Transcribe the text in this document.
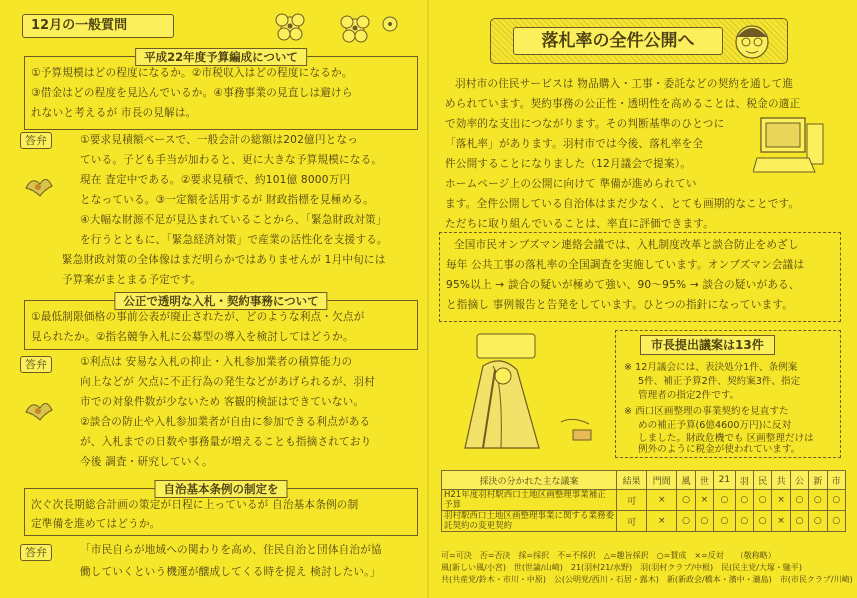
12月の一般質問
平成22年度予算編成について
①予算規模はどの程度になるか。②市税収入はどの程度になるか。
③借金はどの程度を見込んでいるか。④事務事業の見直しは避けら
れないと考えるが 市長の見解は。
答弁	①要求見積額ベースで、一般会計の総額は202億円となっ
ている。子ども手当が加わると、更に大きな予算規模になる。
現在 査定中である。②要求見積で、約101億 8000万円
となっている。③一定額を活用するが 財政指標を見極める。
④大幅な財源不足が見込まれていることから、「緊急財政対策」
を行うとともに、「緊急経済対策」で産業の活性化を支援する。
緊急財政対策の全体像はまだ明らかではありませんが 1月中旬には
予算案がまとまる予定です。
公正で透明な入札・契約事務について
①最低制限価格の事前公表が廃止されたが、どのような利点・欠点が
見られたか。②指名競争入札に公募型の導入を検討してはどうか。
答弁	①利点は 安易な入札の抑止・入札参加業者の積算能力の
向上などが 欠点に不正行為の発生などがあげられるが、羽村
市での対象件数が少ないため 客観的検証はできていない。
②談合の防止や入札参加業者が自由に参加できる利点がある
が、入札までの日数や事務量が増えることも指摘されており
今後 調査・研究していく。
自治基本条例の制定を
次ぐ次長期総合計画の策定が日程に上っているが 自治基本条例の制
定準備を進めてはどうか。
答弁	「市民自らが地域への関わりを高め、住民自治と団体自治が協
働していくという機運が醸成してくる時を捉え 検討したい。」
落札率の全件公開へ
羽村市の住民サービスは 物品購入・工事・委託などの契約を通して進
められています。契約事務の公正性・透明性を高めることは、税金の適正
で効率的な支出につながります。その判断基準のひとつに
「落札率」があります。羽村市では今後、落札率を全
件公開することになりました（12月議会で提案）。
ホームページ上の公開に向けて 準備が進められてい
ます。全件公開している自治体はまだ少なく、とても画期的なことです。
ただちに取り組んでいることは、率直に評価できます。
全国市民オンブズマン連絡会議では、入札制度改革と談合防止をめざし
毎年 公共工事の落札率の全国調査を実施しています。オンブズマン会議は
95%以上 → 談合の疑いが極めて強い、90〜95% → 談合の疑いがある、
と指摘し 事例報告と告発をしています。ひとつの指針になっています。
市長提出議案は13件
※ 12月議会には、表決処分1件、条例案
5件、補正予算2件、契約案3件、指定
管理者の指定2件です。
※ 西口区画整理の事業契約を見直すた
めの補正予算(6億4600万円)に反対
しました。財政危機でも 区画整理だけは
例外のように税金が使われています。
採決の分かれた主な議案	結果	門間	風	世	21	羽	民	共	公	新	市
H21年度羽村駅西口土地区画整理事業補正予算	可	×	○	×	○	○	○	×	○	○	○
羽村駅西口土地区画整理事業に関する業務委託契約の変更契約	可	×	○	○	○	○	○	×	○	○	○
可=可決　否=否決　採=採択　不=不採択　△=趣旨採択　○=賛成　×=反対　　（敬称略）
風(新しい風/小宮)　世(世論/山崎)　21(羽村21/水野)　羽(羽村クラブ/中根)　民(民主党/大塚・馳平)
共(共産党/鈴木・市川・中原)　公(公明党/西川・石居・露木)　新(新政会/橋本・濱中・瀧島)　市(市民クラブ/川崎)
